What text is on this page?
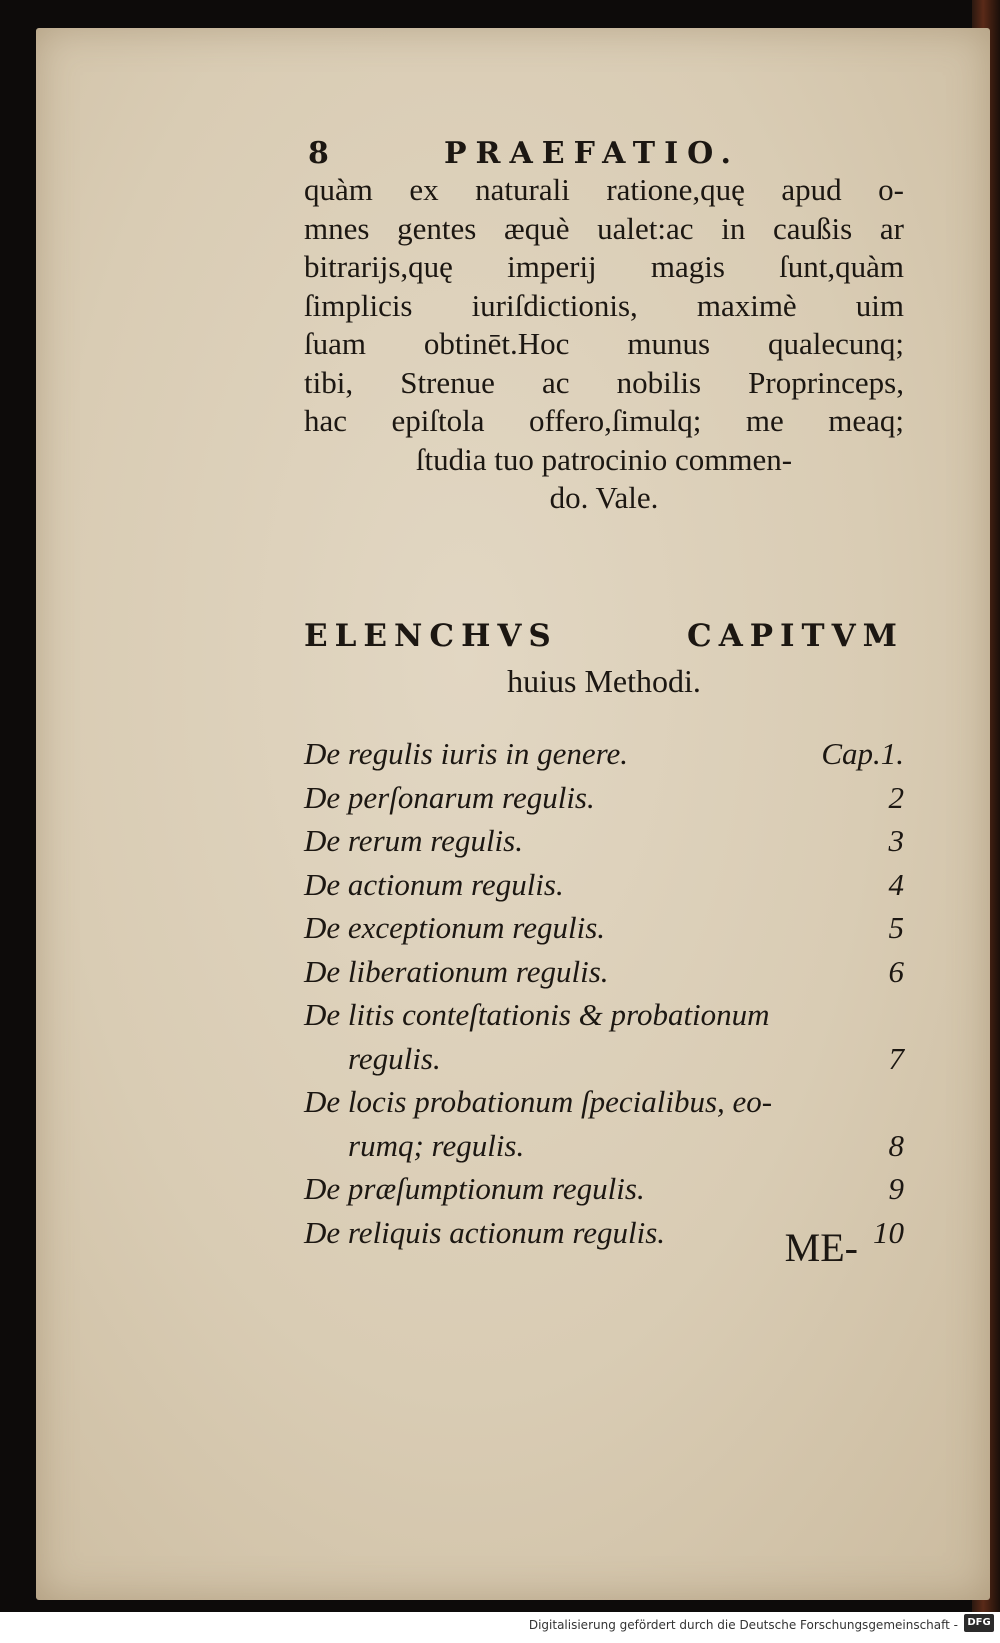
8	PRAEFATIO.
quàm ex naturali ratione,quę apud o-
mnes gentes æquè ualet:ac in caußis ar
bitrarijs,quę imperij magis ſunt,quàm
ſimplicis iuriſdictionis, maximè uim
ſuam obtinēt.Hoc munus qualecunq;
tibi, Strenue ac nobilis Proprinceps,
hac epiſtola offero,ſimulq; me meaq;
ſtudia tuo patrocinio commen-
do. Vale.
ELENCHVS CAPITVM
huius Methodi.
De regulis iuris in genere.	Cap.1.
De perſonarum regulis.	2
De rerum regulis.	3
De actionum regulis.	4
De exceptionum regulis.	5
De liberationum regulis.	6
De litis conteſtationis & probationum
regulis.	7
De locis probationum ſpecialibus, eo-
rumq; regulis.	8
De præſumptionum regulis.	9
De reliquis actionum regulis.	10
ME-
Digitalisierung gefördert durch die Deutsche Forschungsgemeinschaft - DFG
